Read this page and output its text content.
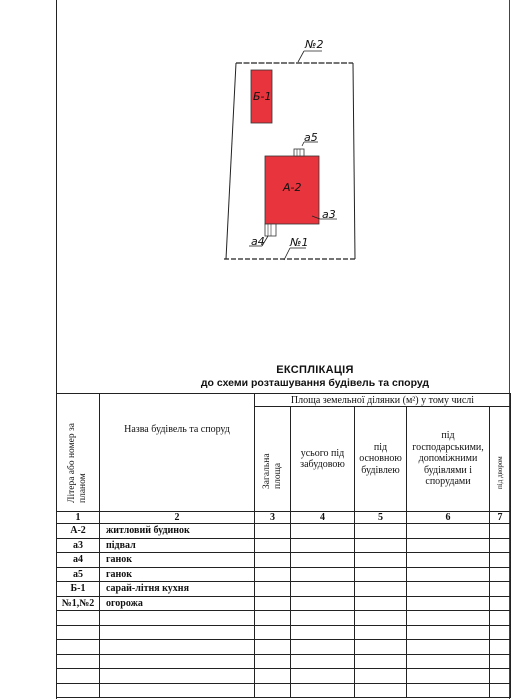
№2
№1
Б-1
А-2
а5
а4
а3
ЕКСПЛІКАЦІЯ
до схеми розташування будівель та споруд
Літера або номер за планом	Назва будівель та споруд	Площа земельної ділянки (м²) у тому числі				

		Загальна площа	усього під забудовою	під основною будівлею	під господарськими, допоміжними будівлями і спорудами	під двором

1	2	3	4	5	6	7
А-2	житловий будинок					
а3	підвал					
а4	ганок					
а5	ганок					
Б-1	сарай-літня кухня					
№1,№2	огорожа					
